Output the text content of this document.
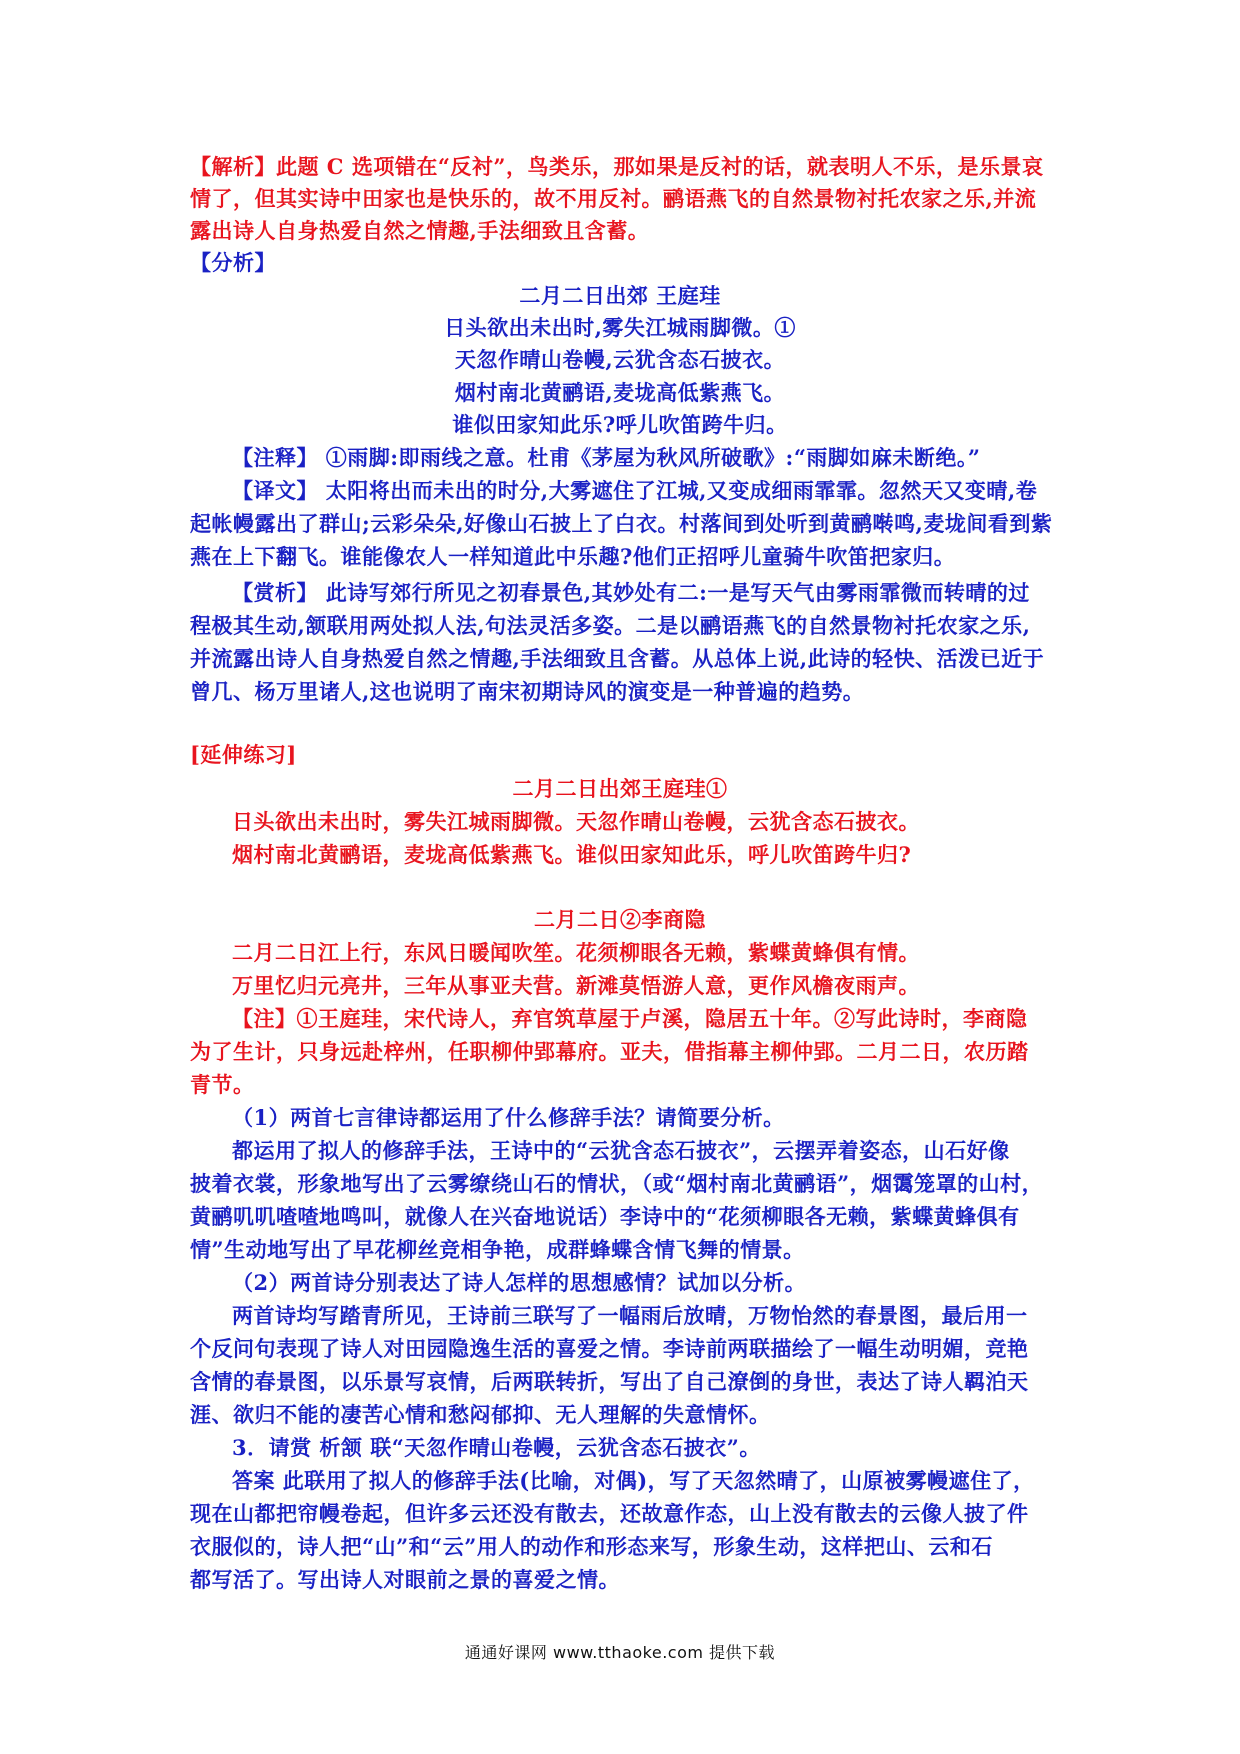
【解析】此题 C 选项错在“反衬”，鸟类乐，那如果是反衬的话，就表明人不乐，是乐景哀

情了，但其实诗中田家也是快乐的，故不用反衬。鹂语燕飞的自然景物衬托农家之乐,并流

露出诗人自身热爱自然之情趣,手法细致且含蓄。

【分析】

二月二日出郊 王庭珪

日头欲出未出时,雾失江城雨脚微。①

天忽作晴山卷幔,云犹含态石披衣。

烟村南北黄鹂语,麦垅高低紫燕飞。

谁似田家知此乐?呼儿吹笛跨牛归。

【注释】 ①雨脚:即雨线之意。杜甫《茅屋为秋风所破歌》:“雨脚如麻未断绝。”

【译文】 太阳将出而未出的时分,大雾遮住了江城,又变成细雨霏霏。忽然天又变晴,卷

起帐幔露出了群山;云彩朵朵,好像山石披上了白衣。村落间到处听到黄鹂啭鸣,麦垅间看到紫

燕在上下翻飞。谁能像农人一样知道此中乐趣?他们正招呼儿童骑牛吹笛把家归。

【赏析】 此诗写郊行所见之初春景色,其妙处有二:一是写天气由雾雨霏微而转晴的过

程极其生动,颔联用两处拟人法,句法灵活多姿。二是以鹂语燕飞的自然景物衬托农家之乐,

并流露出诗人自身热爱自然之情趣,手法细致且含蓄。从总体上说,此诗的轻快、活泼已近于

曾几、杨万里诸人,这也说明了南宋初期诗风的演变是一种普遍的趋势。

[延伸练习]

二月二日出郊王庭珪①

日头欲出未出时，雾失江城雨脚微。天忽作晴山卷幔，云犹含态石披衣。

烟村南北黄鹂语，麦垅高低紫燕飞。谁似田家知此乐，呼儿吹笛跨牛归?

二月二日②李商隐

二月二日江上行，东风日暖闻吹笙。花须柳眼各无赖，紫蝶黄蜂俱有情。

万里忆归元亮井，三年从事亚夫营。新滩莫悟游人意，更作风檐夜雨声。

【注】①王庭珪，宋代诗人，弃官筑草屋于卢溪，隐居五十年。②写此诗时，李商隐

为了生计，只身远赴梓州，任职柳仲郢幕府。亚夫，借指幕主柳仲郢。二月二日，农历踏

青节。

（1）两首七言律诗都运用了什么修辞手法？请简要分析。

都运用了拟人的修辞手法，王诗中的“云犹含态石披衣”，云摆弄着姿态，山石好像

披着衣裳，形象地写出了云雾缭绕山石的情状，（或“烟村南北黄鹂语”，烟霭笼罩的山村，

黄鹂叽叽喳喳地鸣叫，就像人在兴奋地说话）李诗中的“花须柳眼各无赖，紫蝶黄蜂俱有

情”生动地写出了早花柳丝竞相争艳，成群蜂蝶含情飞舞的情景。

（2）两首诗分别表达了诗人怎样的思想感情？试加以分析。

两首诗均写踏青所见，王诗前三联写了一幅雨后放晴，万物怡然的春景图，最后用一

个反问句表现了诗人对田园隐逸生活的喜爱之情。李诗前两联描绘了一幅生动明媚，竞艳

含情的春景图，以乐景写哀情，后两联转折，写出了自己潦倒的身世，表达了诗人羁泊天

涯、欲归不能的凄苦心情和愁闷郁抑、无人理解的失意情怀。

3．请赏 析颔 联“天忽作晴山卷幔，云犹含态石披衣”。

答案 此联用了拟人的修辞手法(比喻，对偶)，写了天忽然晴了，山原被雾幔遮住了，

现在山都把帘幔卷起，但许多云还没有散去，还故意作态，山上没有散去的云像人披了件

衣服似的，诗人把“山”和“云”用人的动作和形态来写，形象生动，这样把山、云和石

都写活了。写出诗人对眼前之景的喜爱之情。

通通好课网 www.tthaoke.com 提供下载
